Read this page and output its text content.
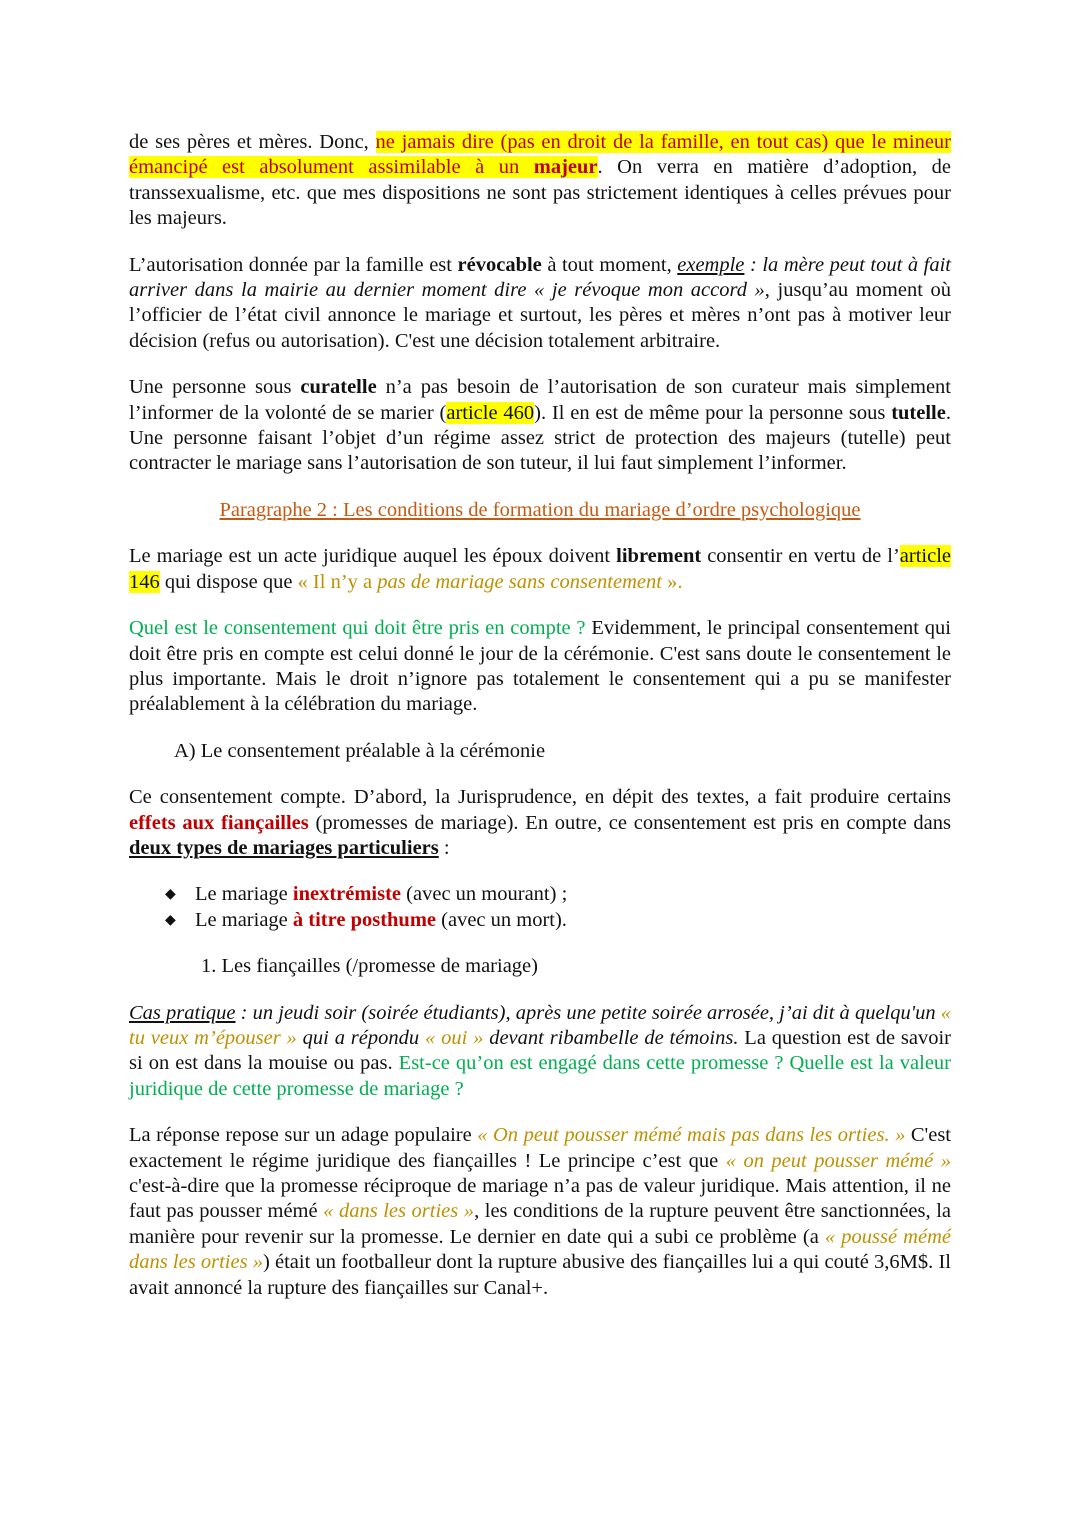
de ses pères et mères. Donc, ne jamais dire (pas en droit de la famille, en tout cas) que le mineur émancipé est absolument assimilable à un majeur. On verra en matière d’adoption, de transsexualisme, etc. que mes dispositions ne sont pas strictement identiques à celles prévues pour les majeurs.

L’autorisation donnée par la famille est révocable à tout moment, exemple : la mère peut tout à fait arriver dans la mairie au dernier moment dire « je révoque mon accord », jusqu’au moment où l’officier de l’état civil annonce le mariage et surtout, les pères et mères n’ont pas à motiver leur décision (refus ou autorisation). C'est une décision totalement arbitraire.

Une personne sous curatelle n’a pas besoin de l’autorisation de son curateur mais simplement l’informer de la volonté de se marier (article 460). Il en est de même pour la personne sous tutelle. Une personne faisant l’objet d’un régime assez strict de protection des majeurs (tutelle) peut contracter le mariage sans l’autorisation de son tuteur, il lui faut simplement l’informer.

Paragraphe 2 : Les conditions de formation du mariage d’ordre psychologique

Le mariage est un acte juridique auquel les époux doivent librement consentir en vertu de l’article 146 qui dispose que « Il n’y a pas de mariage sans consentement ».

Quel est le consentement qui doit être pris en compte ? Evidemment, le principal consentement qui doit être pris en compte est celui donné le jour de la cérémonie. C'est sans doute le consentement le plus importante. Mais le droit n’ignore pas totalement le consentement qui a pu se manifester préalablement à la célébration du mariage.

A) Le consentement préalable à la cérémonie

Ce consentement compte. D’abord, la Jurisprudence, en dépit des textes, a fait produire certains effets aux fiançailles (promesses de mariage). En outre, ce consentement est pris en compte dans deux types de mariages particuliers :

◆ Le mariage inextrémiste (avec un mourant) ;
◆ Le mariage à titre posthume (avec un mort).

1. Les fiançailles (/promesse de mariage)

Cas pratique : un jeudi soir (soirée étudiants), après une petite soirée arrosée, j’ai dit à quelqu'un « tu veux m’épouser » qui a répondu « oui » devant ribambelle de témoins. La question est de savoir si on est dans la mouise ou pas. Est-ce qu’on est engagé dans cette promesse ? Quelle est la valeur juridique de cette promesse de mariage ?

La réponse repose sur un adage populaire « On peut pousser mémé mais pas dans les orties. » C'est exactement le régime juridique des fiançailles ! Le principe c’est que « on peut pousser mémé » c'est-à-dire que la promesse réciproque de mariage n’a pas de valeur juridique. Mais attention, il ne faut pas pousser mémé « dans les orties », les conditions de la rupture peuvent être sanctionnées, la manière pour revenir sur la promesse. Le dernier en date qui a subi ce problème (a « poussé mémé dans les orties ») était un footballeur dont la rupture abusive des fiançailles lui a qui couté 3,6M$. Il avait annoncé la rupture des fiançailles sur Canal+.
